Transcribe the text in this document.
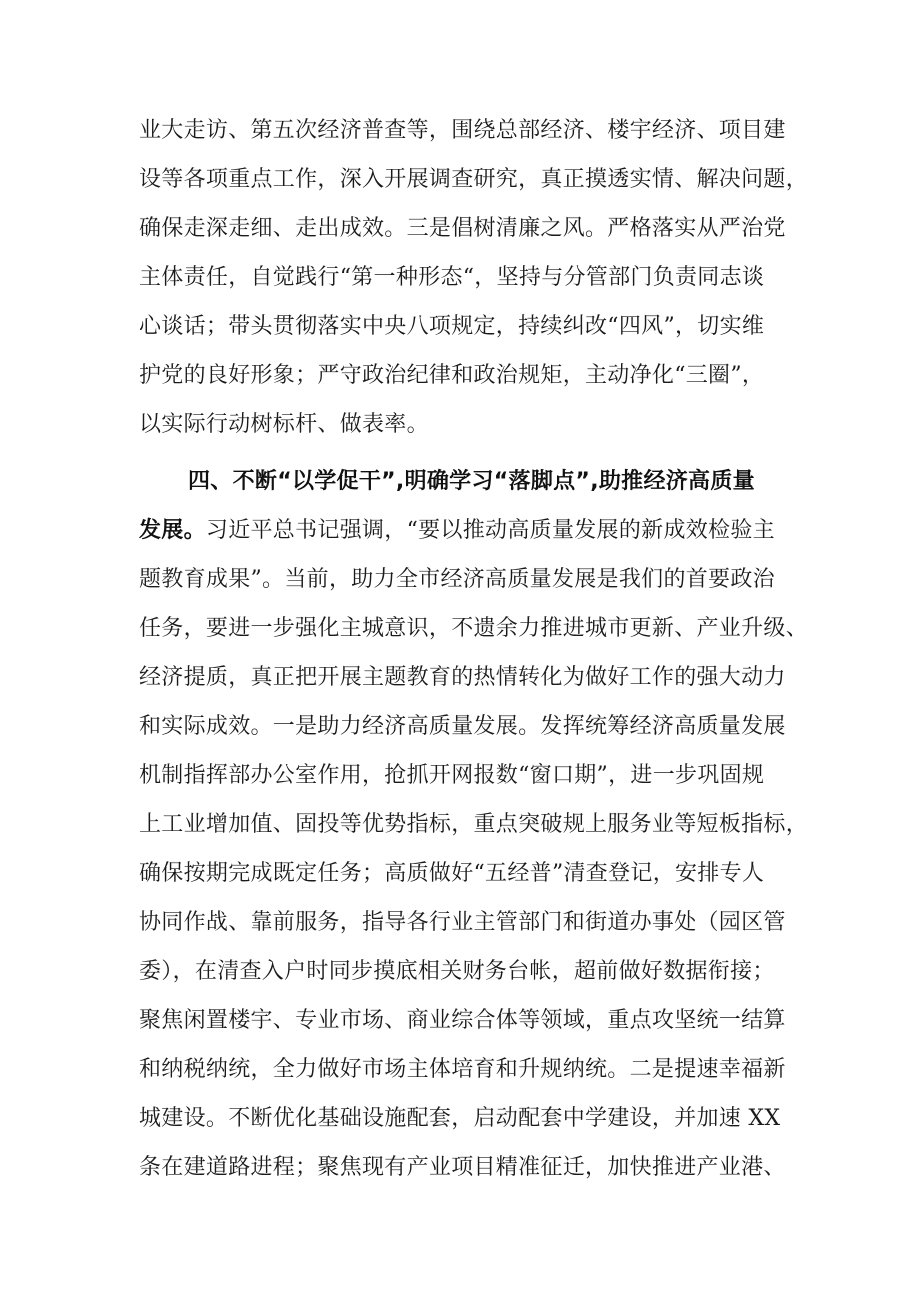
业大走访、第五次经济普查等，围绕总部经济、楼宇经济、项目建
设等各项重点工作，深入开展调查研究，真正摸透实情、解决问题，
确保走深走细、走出成效。三是倡树清廉之风。严格落实从严治党
主体责任，自觉践行“第一种形态“，坚持与分管部门负责同志谈
心谈话；带头贯彻落实中央八项规定，持续纠改“四风”，切实维
护党的良好形象；严守政治纪律和政治规矩，主动净化“三圈”，
以实际行动树标杆、做表率。
四、不断“以学促干”,明确学习“落脚点”,助推经济高质量
发展。习近平总书记强调，“要以推动高质量发展的新成效检验主
题教育成果”。当前，助力全市经济高质量发展是我们的首要政治
任务，要进一步强化主城意识，不遗余力推进城市更新、产业升级、
经济提质，真正把开展主题教育的热情转化为做好工作的强大动力
和实际成效。一是助力经济高质量发展。发挥统筹经济高质量发展
机制指挥部办公室作用，抢抓开网报数“窗口期”，进一步巩固规
上工业增加值、固投等优势指标，重点突破规上服务业等短板指标，
确保按期完成既定任务；高质做好“五经普”清查登记，安排专人
协同作战、靠前服务，指导各行业主管部门和街道办事处（园区管
委），在清查入户时同步摸底相关财务台帐，超前做好数据衔接；
聚焦闲置楼宇、专业市场、商业综合体等领域，重点攻坚统一结算
和纳税纳统，全力做好市场主体培育和升规纳统。二是提速幸福新
城建设。不断优化基础设施配套，启动配套中学建设，并加速 XX
条在建道路进程；聚焦现有产业项目精准征迁，加快推进产业港、
